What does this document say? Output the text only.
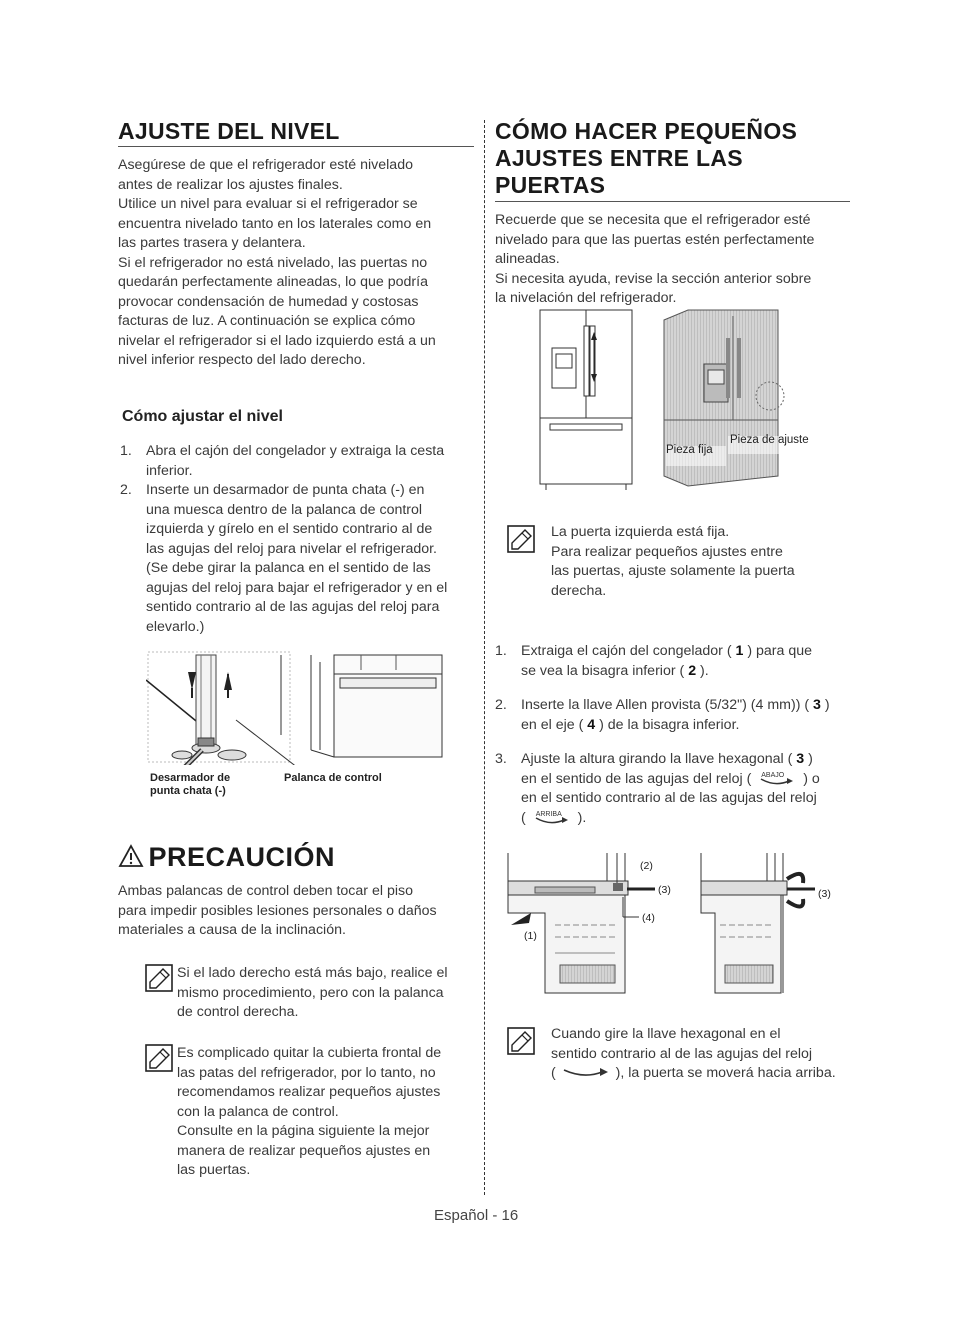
AJUSTE DEL NIVEL

Asegúrese de que el refrigerador esté nivelado

antes de realizar los ajustes finales.

Utilice un nivel para evaluar si el refrigerador se

encuentra nivelado tanto en los laterales como en

las partes trasera y delantera.

Si el refrigerador no está nivelado, las puertas no

quedarán perfectamente alineadas, lo que podría

provocar condensación de humedad y costosas

facturas de luz. A continuación se explica cómo

nivelar el refrigerador si el lado izquierdo está a un

nivel inferior respecto del lado derecho.

Cómo ajustar el nivel
1. Abra el cajón del congelador y extraiga la cesta
inferior.
2. Inserte un desarmador de punta chata (-) en
una muesca dentro de la palanca de control
izquierda y gírelo en el sentido contrario al de
las agujas del reloj para nivelar el refrigerador.
(Se debe girar la palanca en el sentido de las
agujas del reloj para bajar el refrigerador y en el
sentido contrario al de las agujas del reloj para
elevarlo.)
Desarmador de
punta chata (-)
Palanca de control
PRECAUCIÓN

Ambas palancas de control deben tocar el piso

para impedir posibles lesiones personales o daños

materiales a causa de la inclinación.

Si el lado derecho está más bajo, realice el
mismo procedimiento, pero con la palanca
de control derecha.
Es complicado quitar la cubierta frontal de
las patas del refrigerador, por lo tanto, no
recomendamos realizar pequeños ajustes
con la palanca de control.
Consulte en la página siguiente la mejor
manera de realizar pequeños ajustes en
las puertas.
CÓMO HACER PEQUEÑOS
AJUSTES ENTRE LAS PUERTAS

Recuerde que se necesita que el refrigerador esté

nivelado para que las puertas estén perfectamente

alineadas.

Si necesita ayuda, revise la sección anterior sobre

la nivelación del refrigerador.

Pieza fija
Pieza de ajuste
La puerta izquierda está fija.
Para realizar pequeños ajustes entre
las puertas, ajuste solamente la puerta
derecha.
1. Extraiga el cajón del congelador ( 1 ) para que
se vea la bisagra inferior ( 2 ).
2. Inserte la llave Allen provista (5/32") (4 mm)) ( 3 )
en el eje ( 4 ) de la bisagra inferior.
3. Ajuste la altura girando la llave hexagonal ( 3 )
en el sentido de las agujas del reloj ( ABAJO ) o
en el sentido contrario al de las agujas del reloj
( ARRIBA ).
(2)
(3)
(4)
(1)
(3)
Cuando gire la llave hexagonal en el
sentido contrario al de las agujas del reloj
(	), la puerta se moverá hacia arriba.
Español - 16
